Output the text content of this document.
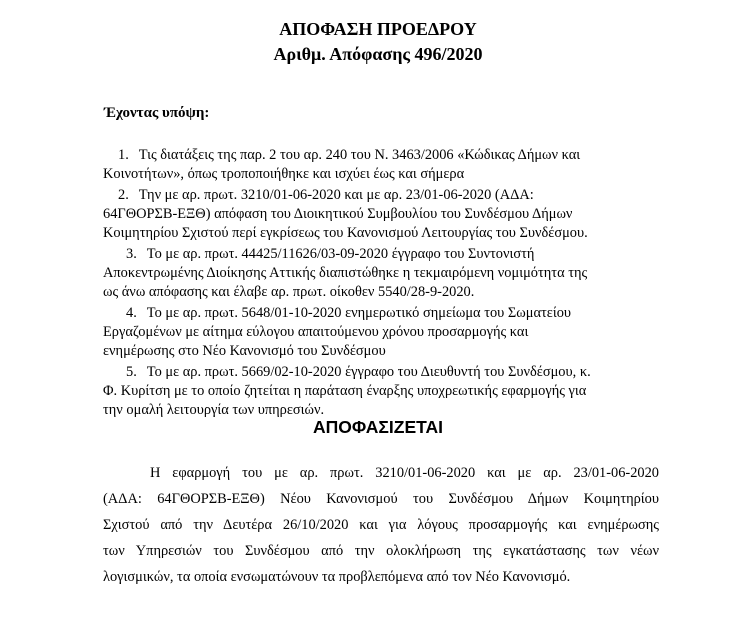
ΑΠΟΦΑΣΗ ΠΡΟΕΔΡΟΥ
Αριθμ. Απόφασης 496/2020

Έχοντας υπόψη:

1. Τις διατάξεις της παρ. 2 του αρ. 240 του Ν. 3463/2006 «Κώδικας Δήμων και
Κοινοτήτων», όπως τροποποιήθηκε και ισχύει έως και σήμερα
2. Την με αρ. πρωτ. 3210/01-06-2020 και με αρ. 23/01-06-2020 (ΑΔΑ:
64ΓΘΟΡΣΒ-ΕΞΘ) απόφαση του Διοικητικού Συμβουλίου του Συνδέσμου Δήμων
Κοιμητηρίου Σχιστού περί εγκρίσεως του Κανονισμού Λειτουργίας του Συνδέσμου.
3. Το με αρ. πρωτ. 44425/11626/03-09-2020 έγγραφο του Συντονιστή
Αποκεντρωμένης Διοίκησης Αττικής διαπιστώθηκε η τεκμαιρόμενη νομιμότητα της
ως άνω απόφασης και έλαβε αρ. πρωτ. οίκοθεν 5540/28-9-2020.
4. Το με αρ. πρωτ. 5648/01-10-2020 ενημερωτικό σημείωμα του Σωματείου
Εργαζομένων με αίτημα εύλογου απαιτούμενου χρόνου προσαρμογής και
ενημέρωσης στο Νέο Κανονισμό του Συνδέσμου
5. Το με αρ. πρωτ. 5669/02-10-2020 έγγραφο του Διευθυντή του Συνδέσμου, κ.
Φ. Κυρίτση με το οποίο ζητείται η παράταση έναρξης υποχρεωτικής εφαρμογής για
την ομαλή λειτουργία των υπηρεσιών.
ΑΠΟΦΑΣΙΖΕΤΑΙ
Η εφαρμογή του με αρ. πρωτ. 3210/01-06-2020 και με αρ. 23/01-06-2020
(ΑΔΑ: 64ΓΘΟΡΣΒ-ΕΞΘ) Νέου Κανονισμού του Συνδέσμου Δήμων Κοιμητηρίου
Σχιστού από την Δευτέρα 26/10/2020 και για λόγους προσαρμογής και ενημέρωσης
των Υπηρεσιών του Συνδέσμου από την ολοκλήρωση της εγκατάστασης των νέων
λογισμικών, τα οποία ενσωματώνουν τα προβλεπόμενα από τον Νέο Κανονισμό.
